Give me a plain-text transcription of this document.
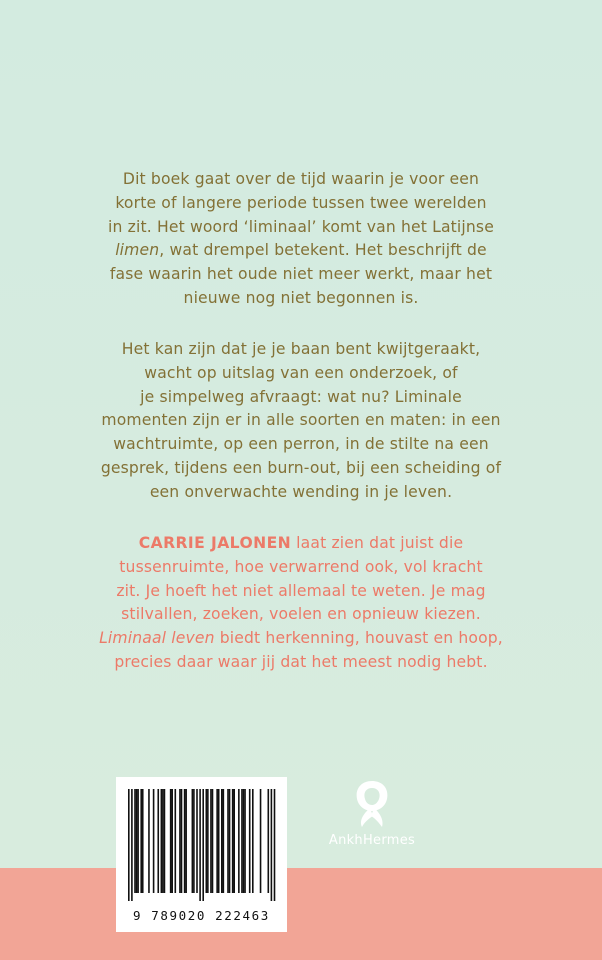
Dit boek gaat over de tijd waarin je voor een
korte of langere periode tussen twee werelden
in zit. Het woord ‘liminaal’ komt van het Latijnse
limen, wat drempel betekent. Het beschrijft de
fase waarin het oude niet meer werkt, maar het
nieuwe nog niet begonnen is.
Het kan zijn dat je je baan bent kwijtgeraakt,
wacht op uitslag van een onderzoek, of
je simpelweg afvraagt: wat nu? Liminale
momenten zijn er in alle soorten en maten: in een
wachtruimte, op een perron, in de stilte na een
gesprek, tijdens een burn-out, bij een scheiding of
een onverwachte wending in je leven.
CARRIE JALONEN laat zien dat juist die
tussenruimte, hoe verwarrend ook, vol kracht
zit. Je hoeft het niet allemaal te weten. Je mag
stilvallen, zoeken, voelen en opnieuw kiezen.
Liminaal leven biedt herkenning, houvast en hoop,
precies daar waar jij dat het meest nodig hebt.
9 789020 222463
AnkhHermes
